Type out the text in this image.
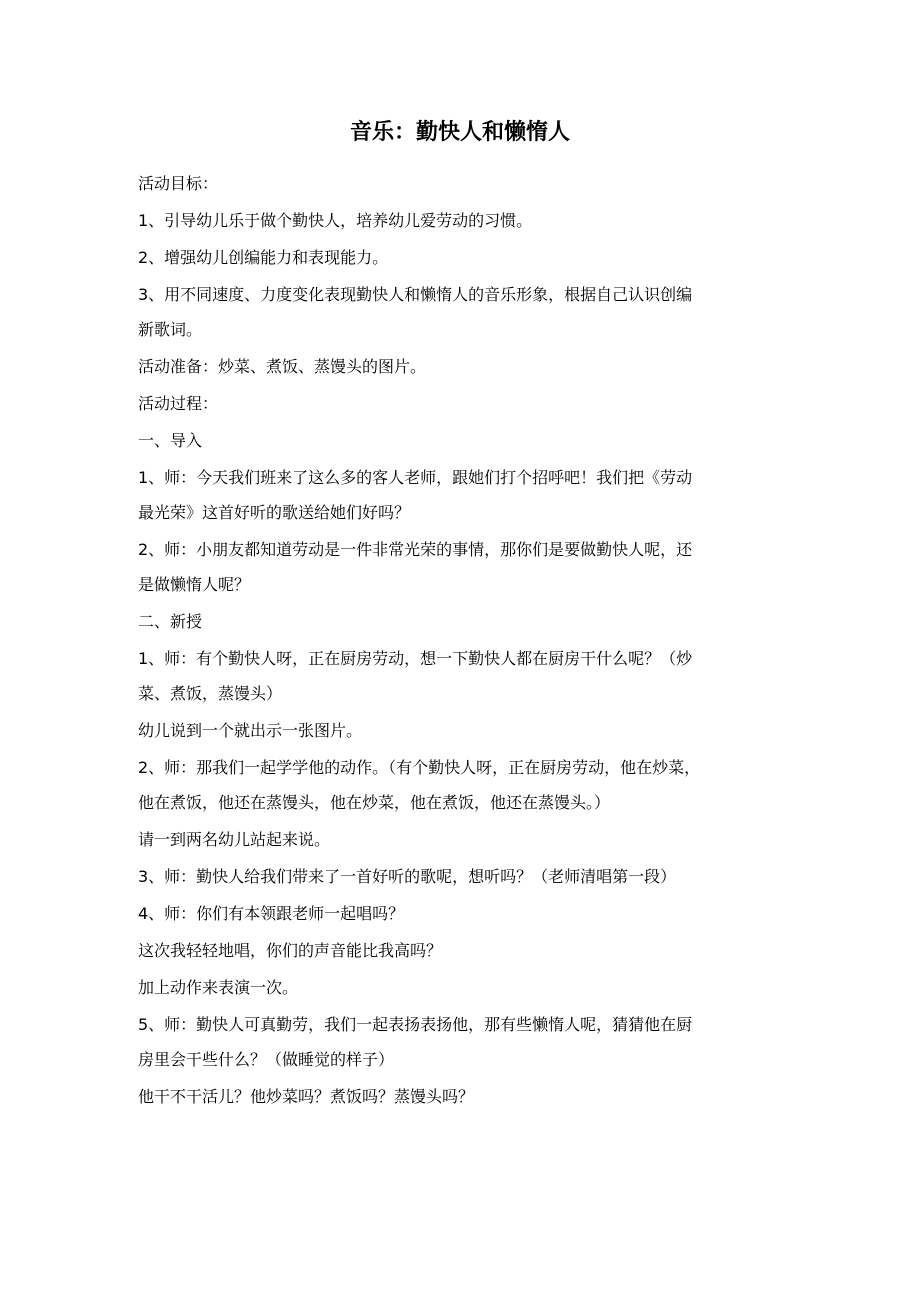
音乐：勤快人和懒惰人

活动目标：

1、引导幼儿乐于做个勤快人，培养幼儿爱劳动的习惯。

2、增强幼儿创编能力和表现能力。

3、用不同速度、力度变化表现勤快人和懒惰人的音乐形象，根据自己认识创编

新歌词。

活动准备：炒菜、煮饭、蒸馒头的图片。

活动过程：

一、导入

1、师：今天我们班来了这么多的客人老师，跟她们打个招呼吧！我们把《劳动

最光荣》这首好听的歌送给她们好吗？

2、师：小朋友都知道劳动是一件非常光荣的事情，那你们是要做勤快人呢，还

是做懒惰人呢？

二、新授

1、师：有个勤快人呀，正在厨房劳动，想一下勤快人都在厨房干什么呢？（炒

菜、煮饭，蒸馒头）

幼儿说到一个就出示一张图片。

2、师：那我们一起学学他的动作。（有个勤快人呀，正在厨房劳动，他在炒菜，

他在煮饭，他还在蒸馒头，他在炒菜，他在煮饭，他还在蒸馒头。）

请一到两名幼儿站起来说。

3、师：勤快人给我们带来了一首好听的歌呢，想听吗？（老师清唱第一段）

4、师：你们有本领跟老师一起唱吗？

这次我轻轻地唱，你们的声音能比我高吗？

加上动作来表演一次。

5、师：勤快人可真勤劳，我们一起表扬表扬他，那有些懒惰人呢，猜猜他在厨

房里会干些什么？（做睡觉的样子）

他干不干活儿？他炒菜吗？煮饭吗？蒸馒头吗？
